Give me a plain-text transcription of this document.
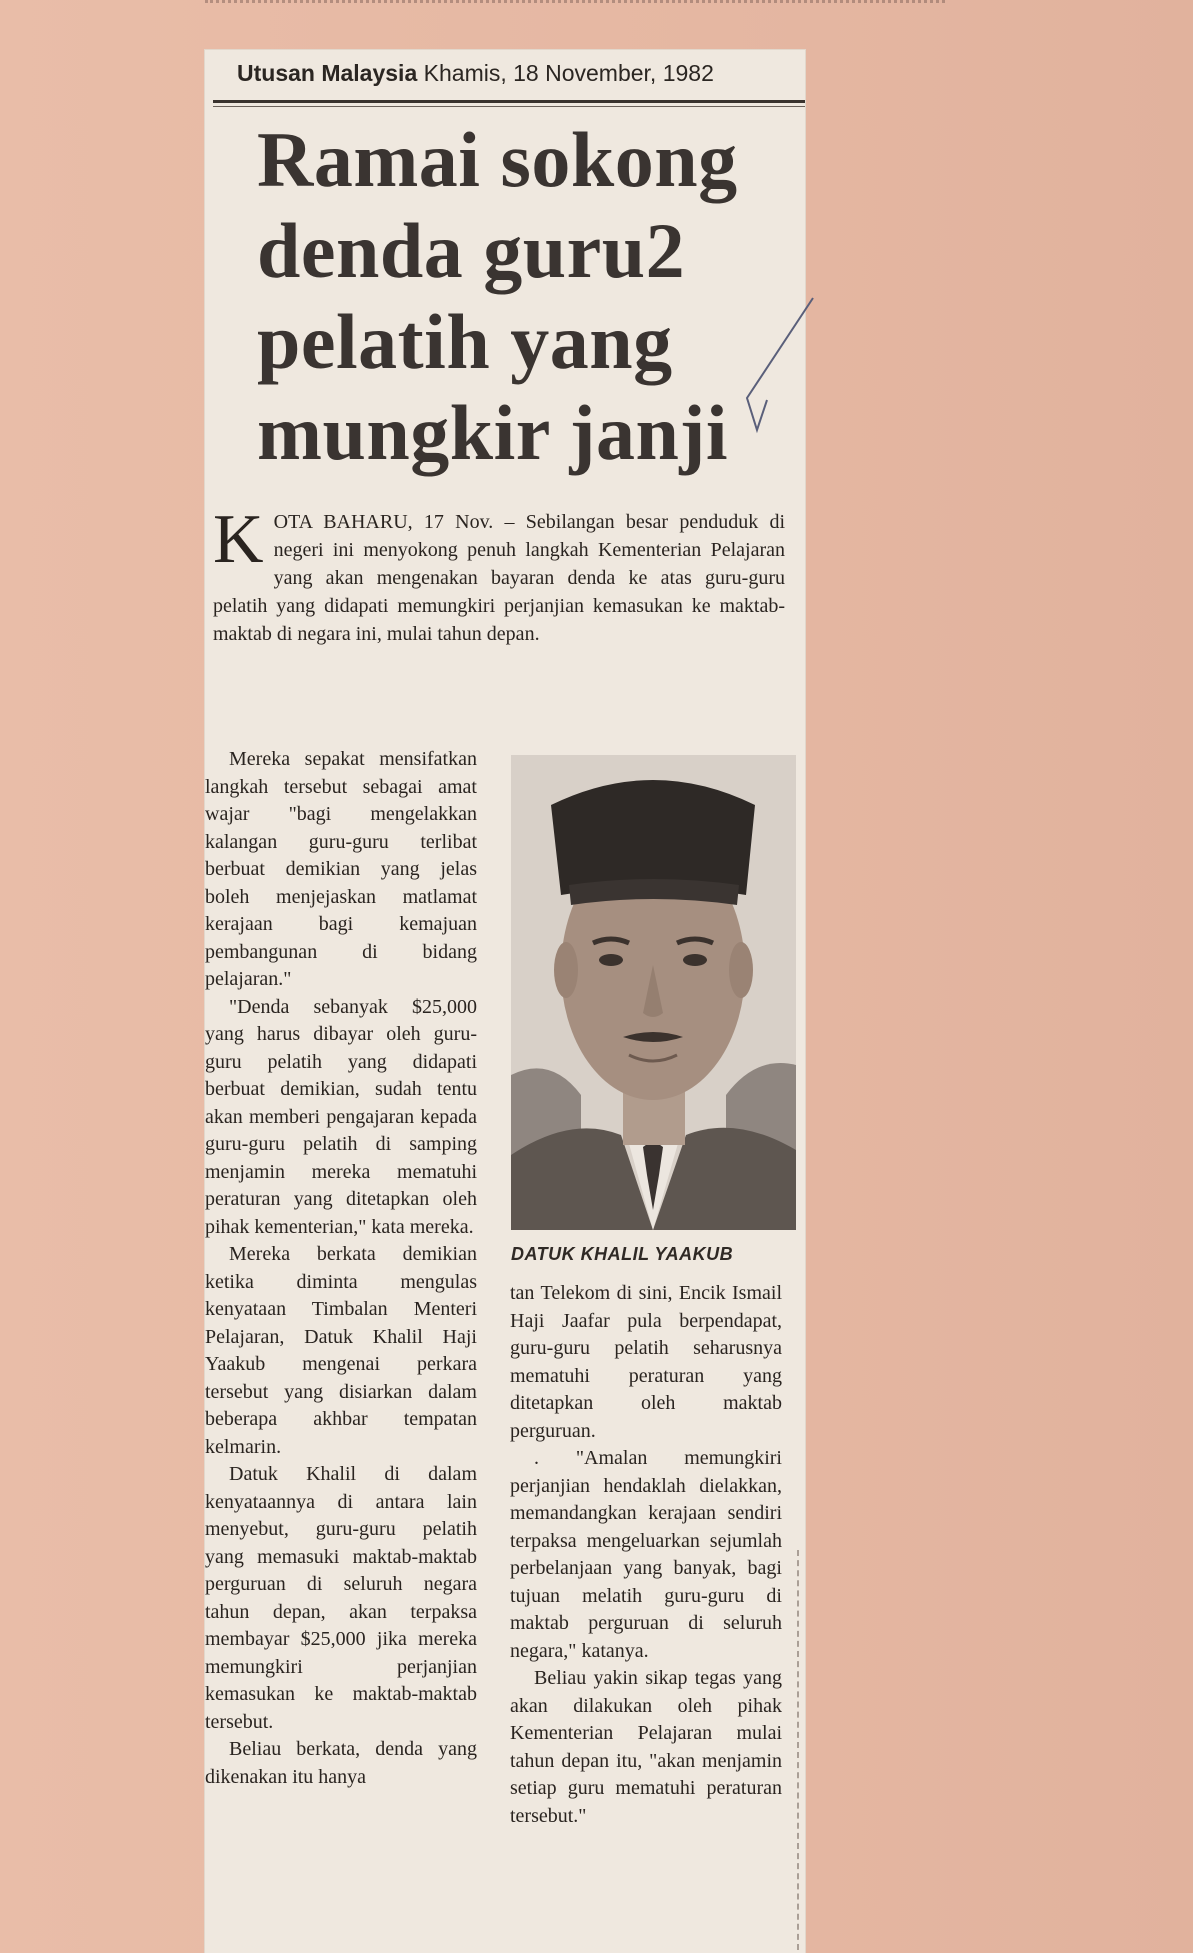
Utusan Malaysia Khamis, 18 November, 1982
Ramai sokong
denda guru2
pelatih yang
mungkir janji
K OTA BAHARU, 17 Nov. – Sebilangan besar penduduk di negeri ini menyokong penuh langkah Kementerian Pelajaran yang akan mengenakan bayaran denda ke atas guru-guru pelatih yang didapati memungkiri perjanjian kemasukan ke maktab-maktab di negara ini, mulai tahun depan.

Mereka sepakat mensifatkan langkah tersebut sebagai amat wajar "bagi mengelakkan kalangan guru-guru terlibat berbuat demikian yang jelas boleh menjejaskan matlamat kerajaan bagi kemajuan pembangunan di bidang pelajaran."

"Denda sebanyak $25,000 yang harus dibayar oleh guru-guru pelatih yang didapati berbuat demikian, sudah tentu akan memberi pengajaran kepada guru-guru pelatih di samping menjamin mereka mematuhi peraturan yang ditetapkan oleh pihak kementerian," kata mereka.

Mereka berkata demikian ketika diminta mengulas kenyataan Timbalan Menteri Pelajaran, Datuk Khalil Haji Yaakub mengenai perkara tersebut yang disiarkan dalam beberapa akhbar tempatan kelmarin.

Datuk Khalil di dalam kenyataannya di antara lain menyebut, guru-guru pelatih yang memasuki maktab-maktab perguruan di seluruh negara tahun depan, akan terpaksa membayar $25,000 jika mereka memungkiri perjanjian kemasukan ke maktab-maktab tersebut.

Beliau berkata, denda yang dikenakan itu hanya

DATUK KHALIL YAAKUB

tan Telekom di sini, Encik Ismail Haji Jaafar pula berpendapat, guru-guru pelatih seharusnya mematuhi peraturan yang ditetapkan oleh maktab perguruan.

. "Amalan memungkiri perjanjian hendaklah dielakkan, memandangkan kerajaan sendiri terpaksa mengeluarkan sejumlah perbelanjaan yang banyak, bagi tujuan melatih guru-guru di maktab perguruan di seluruh negara," katanya.

Beliau yakin sikap tegas yang akan dilakukan oleh pihak Kementerian Pelajaran mulai tahun depan itu, "akan menjamin setiap guru mematuhi peraturan tersebut."
